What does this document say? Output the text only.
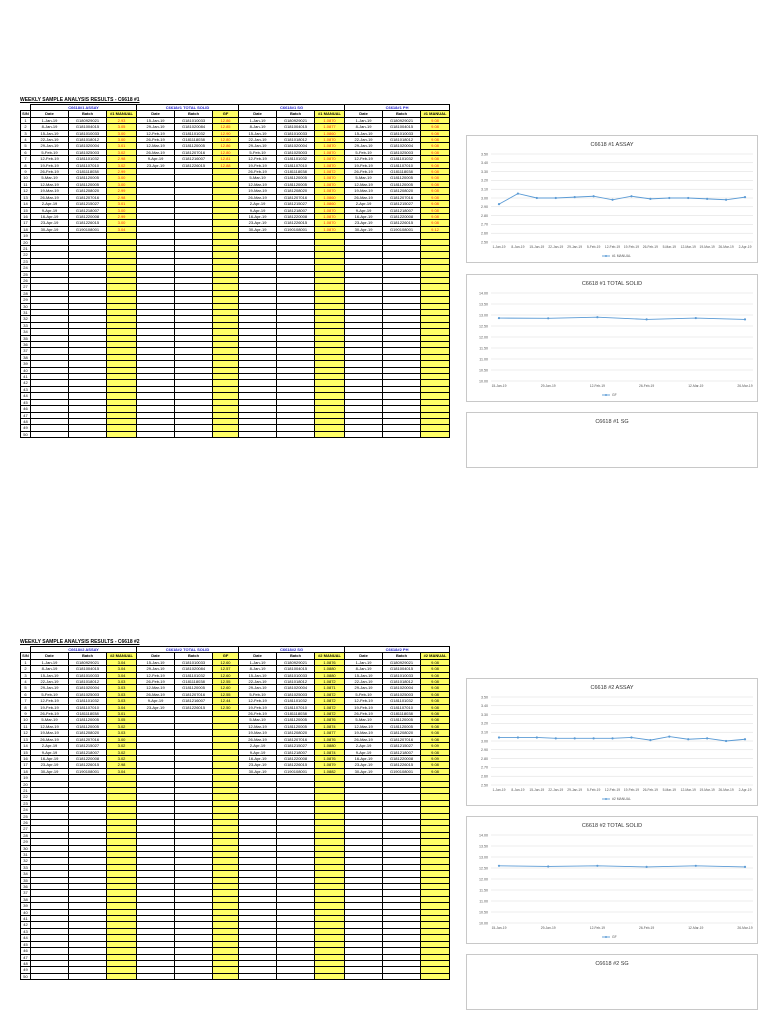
WEEKLY SAMPLE ANALYSIS RESULTS - C6618 #1
	C6618#1 ASSAY			C6618#1 TOTAL SOLID			C6618#1 SG			C6618#1 PH		
S/N	Date	Batch	#1 MANUAL	Date	Batch	GF	Date	Batch	#1 MANUAL	Date	Batch	#1 MANUAL
1	1-Jan-19	G180929021	2.93	15-Jan-19	G181010033	12.86	1-Jan-19	G180929021	1.0870	1-Jan-19	G180929021	9.08
2	8-Jan-19	G181004015	3.05	29-Jan-19	G181020084	12.85	8-Jan-19	G181004015	1.0877	8-Jan-19	G181004015	9.08
3	15-Jan-19	G181010033	3.00	12-Feb-19	G181101032	12.90	15-Jan-19	G181010033	1.0860	15-Jan-19	G181010033	9.08
4	22-Jan-19	G181018012	3.00	26-Feb-19	G181118038	12.80	22-Jan-19	G181018012	1.0870	22-Jan-19	G181018012	9.08
5	29-Jan-19	G181020004	3.01	12-Mar-19	G181120005	12.86	29-Jan-19	G181020004	1.0870	29-Jan-19	G181020004	9.08
6	5-Feb-19	G181025003	3.02	26-Mar-19	G181207016	12.80	5-Feb-19	G181025003	1.0870	5-Feb-19	G181025003	9.08
7	12-Feb-19	G181101032	2.98	9-Apr-19	G181216007	12.81	12-Feb-19	G181101032	1.0870	12-Feb-19	G181101032	9.08
8	19-Feb-19	G181107010	3.02	23-Apr-19	G181226015	12.88	19-Feb-19	G181107010	1.0870	19-Feb-19	G181107010	9.08
9	26-Feb-19	G181118038	2.99				26-Feb-19	G181118038	1.0872	26-Feb-19	G181118038	9.08
10	5-Mar-19	G181120005	3.00				5-Mar-19	G181120005	1.0870	5-Mar-19	G181120005	9.08
11	12-Mar-19	G181120005	3.00				12-Mar-19	G181120005	1.0870	12-Mar-19	G181120005	9.08
12	19-Mar-19	G181208020	2.99				19-Mar-19	G181208020	1.0870	19-Mar-19	G181208020	9.08
13	26-Mar-19	G181207016	2.98				26-Mar-19	G181207016	1.0860	26-Mar-19	G181207016	9.08
14	2-Apr-19	G181215027	3.01				2-Apr-19	G181215027	1.0860	2-Apr-19	G181215027	9.08
15	9-Apr-19	G181218007	3.00				9-Apr-19	G181218007	1.0870	9-Apr-19	G181218007	9.08
16	16-Apr-19	G181220008	2.99				16-Apr-19	G181220008	1.0870	16-Apr-19	G181220008	9.08
17	23-Apr-19	G181226015	3.00				23-Apr-19	G181226015	1.0870	23-Apr-19	G181226015	9.08
18	30-Apr-19	G190108001	3.04				30-Apr-19	G190108001	1.0870	30-Apr-19	G190108001	9.12
19												
20												
21												
22												
23												
24												
25												
26												
27												
28												
29												
30												
31												
32												
33												
34												
35												
36												
37												
38												
39												
40												
41												
42												
43												
44												
45												
46												
47												
48												
49												
50												
WEEKLY SAMPLE ANALYSIS RESULTS - C6618 #2
	C6618#2 ASSAY			C6618#2 TOTAL SOLID			C6618#2 SG			C6618#2 PH		
S/N	Date	Batch	#2 MANUAL	Date	Batch	GF	Date	Batch	#2 MANUAL	Date	Batch	#2 MANUAL
1	1-Jan-19	G180929021	3.04	15-Jan-19	G181010033	12.60	1-Jan-19	G180929021	1.0876	1-Jan-19	G180929021	9.08
2	8-Jan-19	G181004015	3.04	29-Jan-19	G181020084	12.57	8-Jan-19	G181004015	1.0880	8-Jan-19	G181004015	9.08
3	15-Jan-19	G181010033	3.04	12-Feb-19	G181101032	12.60	15-Jan-19	G181010033	1.0880	15-Jan-19	G181010033	9.08
4	22-Jan-19	G181018012	3.03	26-Feb-19	G181118038	12.55	22-Jan-19	G181018012	1.0872	22-Jan-19	G181018012	9.08
5	29-Jan-19	G181020004	3.03	12-Mar-19	G181120005	12.60	29-Jan-19	G181020004	1.0871	29-Jan-19	G181020004	9.08
6	5-Feb-19	G181025003	3.03	26-Mar-19	G181207016	12.55	5-Feb-19	G181025003	1.0872	5-Feb-19	G181025003	9.08
7	12-Feb-19	G181101032	3.03	9-Apr-19	G181216007	12.44	12-Feb-19	G181101032	1.0872	12-Feb-19	G181101032	9.08
8	19-Feb-19	G181107010	3.04	23-Apr-19	G181226015	12.50	19-Feb-19	G181107010	1.0872	19-Feb-19	G181107010	9.08
9	26-Feb-19	G181118038	3.01				26-Feb-19	G181118038	1.0872	26-Feb-19	G181118038	9.08
10	5-Mar-19	G181120005	3.05				5-Mar-19	G181120005	1.0876	5-Mar-19	G181120005	9.08
11	12-Mar-19	G181120005	3.02				12-Mar-19	G181120005	1.0874	12-Mar-19	G181120005	9.08
12	19-Mar-19	G181208020	3.03				19-Mar-19	G181208020	1.0877	19-Mar-19	G181208020	9.08
13	26-Mar-19	G181207016	3.00				26-Mar-19	G181207016	1.0876	26-Mar-19	G181207016	9.08
14	2-Apr-19	G181215027	3.02				2-Apr-19	G181215027	1.0880	2-Apr-19	G181215027	9.09
15	9-Apr-19	G181218007	3.02				9-Apr-19	G181218007	1.0874	9-Apr-19	G181218007	9.08
16	16-Apr-19	G181220008	3.02				16-Apr-19	G181220008	1.0876	16-Apr-19	G181220008	9.09
17	23-Apr-19	G181226015	2.98				23-Apr-19	G181226015	1.0879	23-Apr-19	G181226015	9.08
18	30-Apr-19	G190108001	3.04				30-Apr-19	G190108001	1.0882	30-Apr-19	G190108001	9.08
19												
20												
21												
22												
23												
24												
25												
26												
27												
28												
29												
30												
31												
32												
33												
34												
35												
36												
37												
38												
39												
40												
41												
42												
43												
44												
45												
46												
47												
48												
49												
50												
C6618 #1 ASSAY
2.50
2.60
2.70
2.80
2.90
3.00
3.10
3.20
3.30
3.40
3.50
1-Jan-19 8-Jan-19 15-Jan-19 22-Jan-19 29-Jan-19 5-Feb-19 12-Feb-19 19-Feb-19 26-Feb-19 5-Mar-19 12-Mar-19 19-Mar-19 26-Mar-19 2-Apr-19
#1 MANUAL
C6618 #1 TOTAL SOLID
10.00
10.50
11.00
11.50
12.00
12.50
13.00
13.50
14.00
15-Jan-19	29-Jan-19	12-Feb-19	26-Feb-19	12-Mar-19	26-Mar-19
GF
C6618 #1 SG
C6618 #2 ASSAY
2.50
2.60
2.70
2.80
2.90
3.00
3.10
3.20
3.30
3.40
3.50
1-Jan-19 8-Jan-19 15-Jan-19 22-Jan-19 29-Jan-19 5-Feb-19 12-Feb-19 19-Feb-19 26-Feb-19 5-Mar-19 12-Mar-19 19-Mar-19 26-Mar-19 2-Apr-19
#2 MANUAL
C6618 #2 TOTAL SOLID
10.00
10.50
11.00
11.50
12.00
12.50
13.00
13.50
14.00
15-Jan-19	29-Jan-19	12-Feb-19	26-Feb-19	12-Mar-19	26-Mar-19
GF
C6618 #2 SG
